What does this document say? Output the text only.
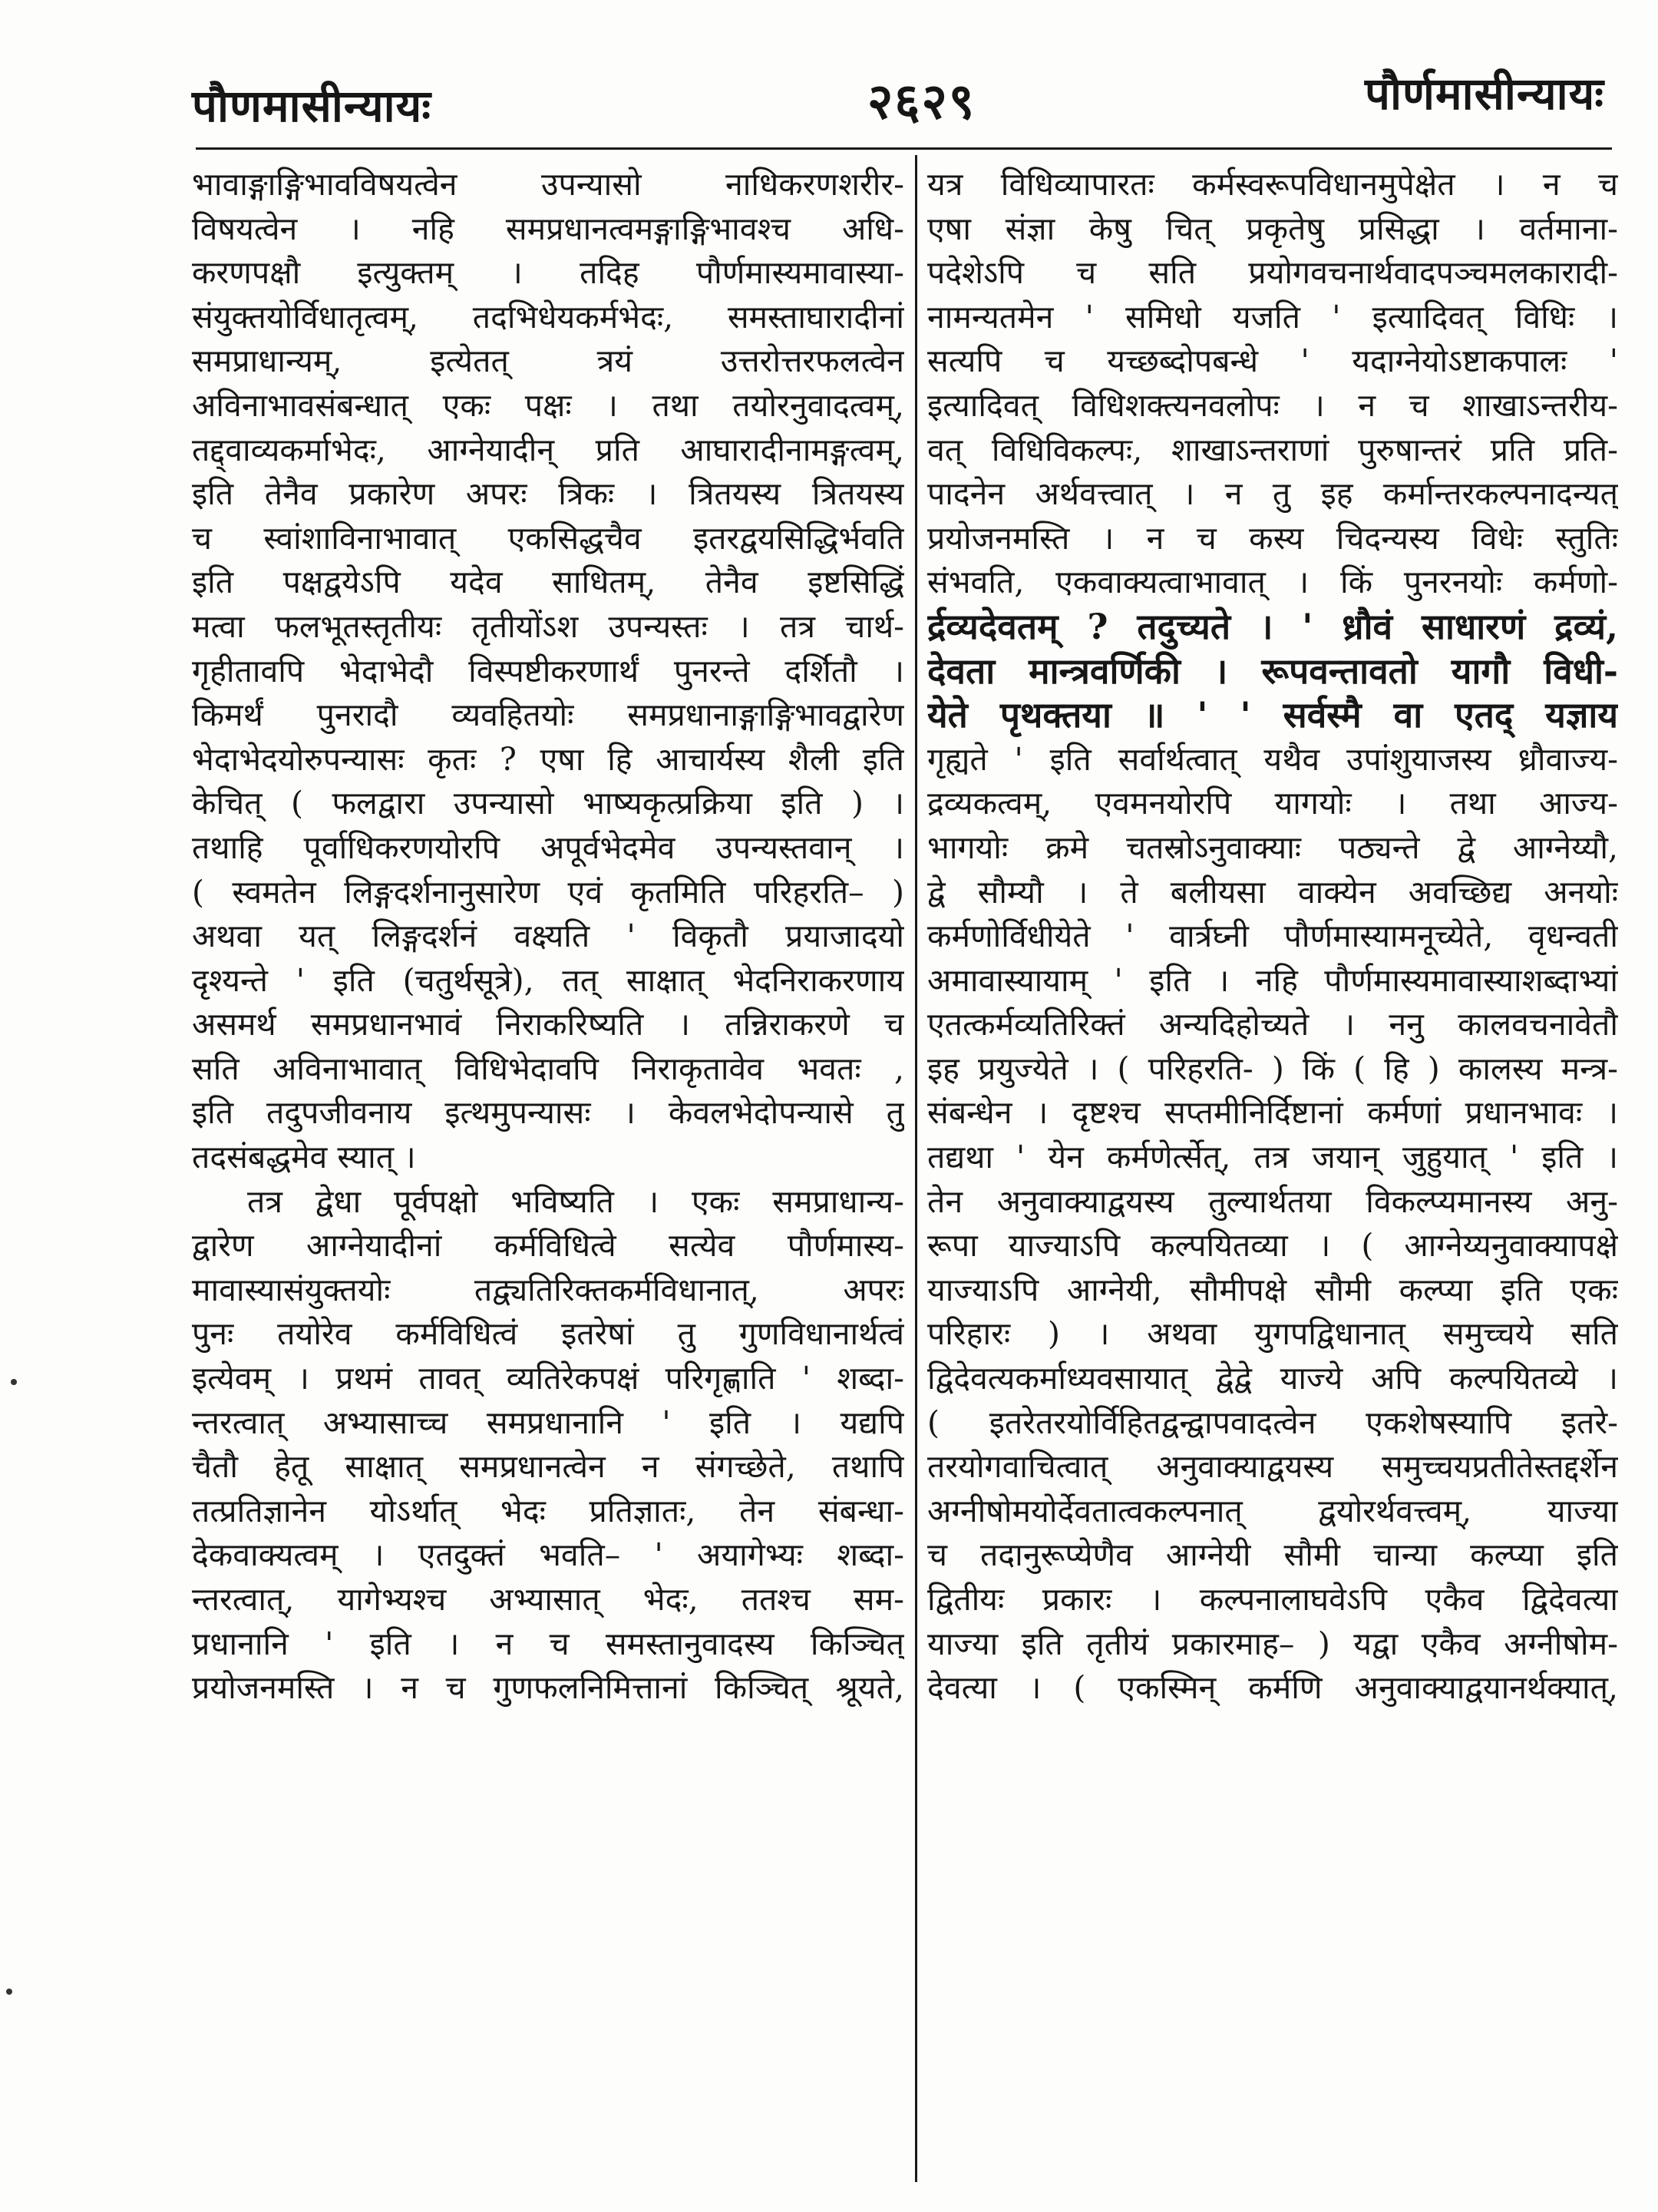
पौणमासीन्यायः	२६२९	पौर्णमासीन्यायः
भावाङ्गाङ्गिभावविषयत्वेन उपन्यासो नाधिकरणशरीर-
विषयत्वेन । नहि समप्रधानत्वमङ्गाङ्गिभावश्च अधि-
करणपक्षौ इत्युक्तम् । तदिह पौर्णमास्यमावास्या-
संयुक्तयोर्विधातृत्वम्, तदभिधेयकर्मभेदः, समस्ताघारादीनां
समप्राधान्यम्, इत्येतत् त्रयं उत्तरोत्तरफलत्वेन
अविनाभावसंबन्धात् एकः पक्षः । तथा तयोरनुवादत्वम्,
तद्द्वाव्यकर्माभेदः, आग्नेयादीन् प्रति आघारादीनामङ्गत्वम्,
इति तेनैव प्रकारेण अपरः त्रिकः । त्रितयस्य त्रितयस्य
च स्वांशाविनाभावात् एकसिद्धचैव इतरद्वयसिद्धिर्भवति
इति पक्षद्वयेऽपि यदेव साधितम्, तेनैव इष्टसिद्धिं
मत्वा फलभूतस्तृतीयः तृतीयोंऽश उपन्यस्तः । तत्र चार्थ-
गृहीतावपि भेदाभेदौ विस्पष्टीकरणार्थं पुनरन्ते दर्शितौ ।
किमर्थं पुनरादौ व्यवहितयोः समप्रधानाङ्गाङ्गिभावद्वारेण
भेदाभेदयोरुपन्यासः कृतः ? एषा हि आचार्यस्य शैली इति
केचित् ( फलद्वारा उपन्यासो भाष्यकृत्प्रक्रिया इति ) ।
तथाहि पूर्वाधिकरणयोरपि अपूर्वभेदमेव उपन्यस्तवान् ।
( स्वमतेन लिङ्गदर्शनानुसारेण एवं कृतमिति परिहरति– )
अथवा यत् लिङ्गदर्शनं वक्ष्यति ' विकृतौ प्रयाजादयो
दृश्यन्ते ' इति (चतुर्थसूत्रे), तत् साक्षात् भेदनिराकरणाय
असमर्थ समप्रधानभावं निराकरिष्यति । तन्निराकरणे च
सति अविनाभावात् विधिभेदावपि निराकृतावेव भवतः ,
इति तदुपजीवनाय इत्थमुपन्यासः । केवलभेदोपन्यासे तु
तदसंबद्धमेव स्यात् ।
तत्र द्वेधा पूर्वपक्षो भविष्यति । एकः समप्राधान्य-
द्वारेण आग्नेयादीनां कर्मविधित्वे सत्येव पौर्णमास्य-
मावास्यासंयुक्तयोः तद्व्यतिरिक्तकर्मविधानात्, अपरः
पुनः तयोरेव कर्मविधित्वं इतरेषां तु गुणविधानार्थत्वं
इत्येवम् । प्रथमं तावत् व्यतिरेकपक्षं परिगृह्णाति ' शब्दा-
न्तरत्वात् अभ्यासाच्च समप्रधानानि ' इति । यद्यपि
चैतौ हेतू साक्षात् समप्रधानत्वेन न संगच्छेते, तथापि
तत्प्रतिज्ञानेन योऽर्थात् भेदः प्रतिज्ञातः, तेन संबन्धा-
देकवाक्यत्वम् । एतदुक्तं भवति– ' अयागेभ्यः शब्दा-
न्तरत्वात्, यागेभ्यश्च अभ्यासात् भेदः, ततश्च सम-
प्रधानानि ' इति । न च समस्तानुवादस्य किञ्चित्
प्रयोजनमस्ति । न च गुणफलनिमित्तानां किञ्चित् श्रूयते,
यत्र विधिव्यापारतः कर्मस्वरूपविधानमुपेक्षेत । न च
एषा संज्ञा केषु चित् प्रकृतेषु प्रसिद्धा । वर्तमाना-
पदेशेऽपि च सति प्रयोगवचनार्थवादपञ्चमलकारादी-
नामन्यतमेन ' समिधो यजति ' इत्यादिवत् विधिः ।
सत्यपि च यच्छब्दोपबन्धे ' यदाग्नेयोऽष्टाकपालः '
इत्यादिवत् विधिशक्त्यनवलोपः । न च शाखाऽन्तरीय-
वत् विधिविकल्पः, शाखाऽन्तराणां पुरुषान्तरं प्रति प्रति-
पादनेन अर्थवत्त्वात् । न तु इह कर्मान्तरकल्पनादन्यत्
प्रयोजनमस्ति । न च कस्य चिदन्यस्य विधेः स्तुतिः
संभवति, एकवाक्यत्वाभावात् । किं पुनरनयोः कर्मणो-
र्द्रव्यदेवतम् ? तदुच्यते । ' ध्रौवं साधारणं द्रव्यं,
देवता मान्त्रवर्णिकी । रूपवन्तावतो यागौ विधी-
येते पृथक्तया ॥ ' ' सर्वस्मै वा एतद् यज्ञाय
गृह्यते ' इति सर्वार्थत्वात् यथैव उपांशुयाजस्य ध्रौवाज्य-
द्रव्यकत्वम्, एवमनयोरपि यागयोः । तथा आज्य-
भागयोः क्रमे चतस्रोऽनुवाक्याः पठ्यन्ते द्वे आग्नेय्यौ,
द्वे सौम्यौ । ते बलीयसा वाक्येन अवच्छिद्य अनयोः
कर्मणोर्विधीयेते ' वार्त्रघ्नी पौर्णमास्यामनूच्येते, वृधन्वती
अमावास्यायाम् ' इति । नहि पौर्णमास्यमावास्याशब्दाभ्यां
एतत्कर्मव्यतिरिक्तं अन्यदिहोच्यते । ननु कालवचनावेतौ
इह प्रयुज्येते । ( परिहरति- ) किं ( हि ) कालस्य मन्त्र-
संबन्धेन । दृष्टश्च सप्तमीनिर्दिष्टानां कर्मणां प्रधानभावः ।
तद्यथा ' येन कर्मणेर्त्सेत्, तत्र जयान् जुहुयात् ' इति ।
तेन अनुवाक्याद्वयस्य तुल्यार्थतया विकल्प्यमानस्य अनु-
रूपा याज्याऽपि कल्पयितव्या । ( आग्नेय्यनुवाक्यापक्षे
याज्याऽपि आग्नेयी, सौमीपक्षे सौमी कल्प्या इति एकः
परिहारः ) । अथवा युगपद्विधानात् समुच्चये सति
द्विदेवत्यकर्माध्यवसायात् द्वेद्वे याज्ये अपि कल्पयितव्ये ।
( इतरेतरयोर्विहितद्वन्द्वापवादत्वेन एकशेषस्यापि इतरे-
तरयोगवाचित्वात् अनुवाक्याद्वयस्य समुच्चयप्रतीतेस्तद्दर्शेन
अग्नीषोमयोर्देवतात्वकल्पनात् द्वयोरर्थवत्त्वम्, याज्या
च तदानुरूप्येणैव आग्नेयी सौमी चान्या कल्प्या इति
द्वितीयः प्रकारः । कल्पनालाघवेऽपि एकैव द्विदेवत्या
याज्या इति तृतीयं प्रकारमाह– ) यद्वा एकैव अग्नीषोम-
देवत्या । ( एकस्मिन् कर्मणि अनुवाक्याद्वयानर्थक्यात्,
